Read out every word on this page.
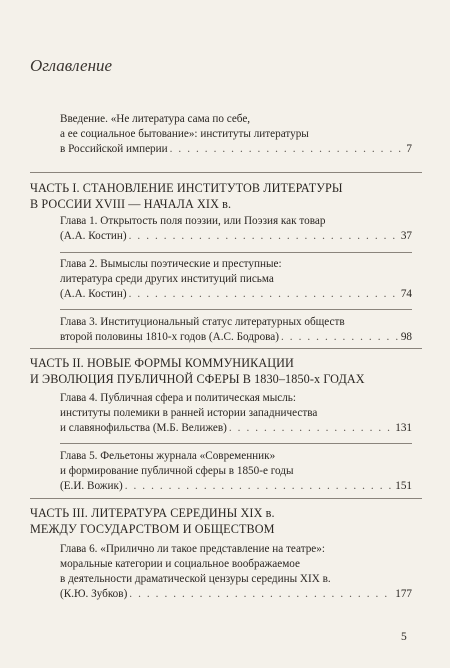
Оглавление
Введение. «Не литература сама по себе,
а ее социальное бытование»: институты литературы
в Российской империи . . .	7
ЧАСТЬ I. СТАНОВЛЕНИЕ ИНСТИТУТОВ ЛИТЕРАТУРЫ
В РОССИИ XVIII — НАЧАЛА XIX в.
Глава 1. Открытость поля поэзии, или Поэзия как товар
(А.А. Костин) . . .	37
Глава 2. Вымыслы поэтические и преступные:
литература среди других институций письма
(А.А. Костин) . . .	74
Глава 3. Институциональный статус литературных обществ
второй половины 1810-х годов (А.С. Бодрова) . . .	98
ЧАСТЬ II. НОВЫЕ ФОРМЫ КОММУНИКАЦИИ
И ЭВОЛЮЦИЯ ПУБЛИЧНОЙ СФЕРЫ В 1830–1850-х ГОДАХ
Глава 4. Публичная сфера и политическая мысль:
институты полемики в ранней истории западничества
и славянофильства (М.Б. Велижев) . . .	131
Глава 5. Фельетоны журнала «Современник»
и формирование публичной сферы в 1850-е годы
(Е.И. Вожик) . . .	151
ЧАСТЬ III. ЛИТЕРАТУРА СЕРЕДИНЫ XIX в.
МЕЖДУ ГОСУДАРСТВОМ И ОБЩЕСТВОМ
Глава 6. «Прилично ли такое представление на театре»:
моральные категории и социальное воображаемое
в деятельности драматической цензуры середины XIX в.
(К.Ю. Зубков) . . .	177
5
